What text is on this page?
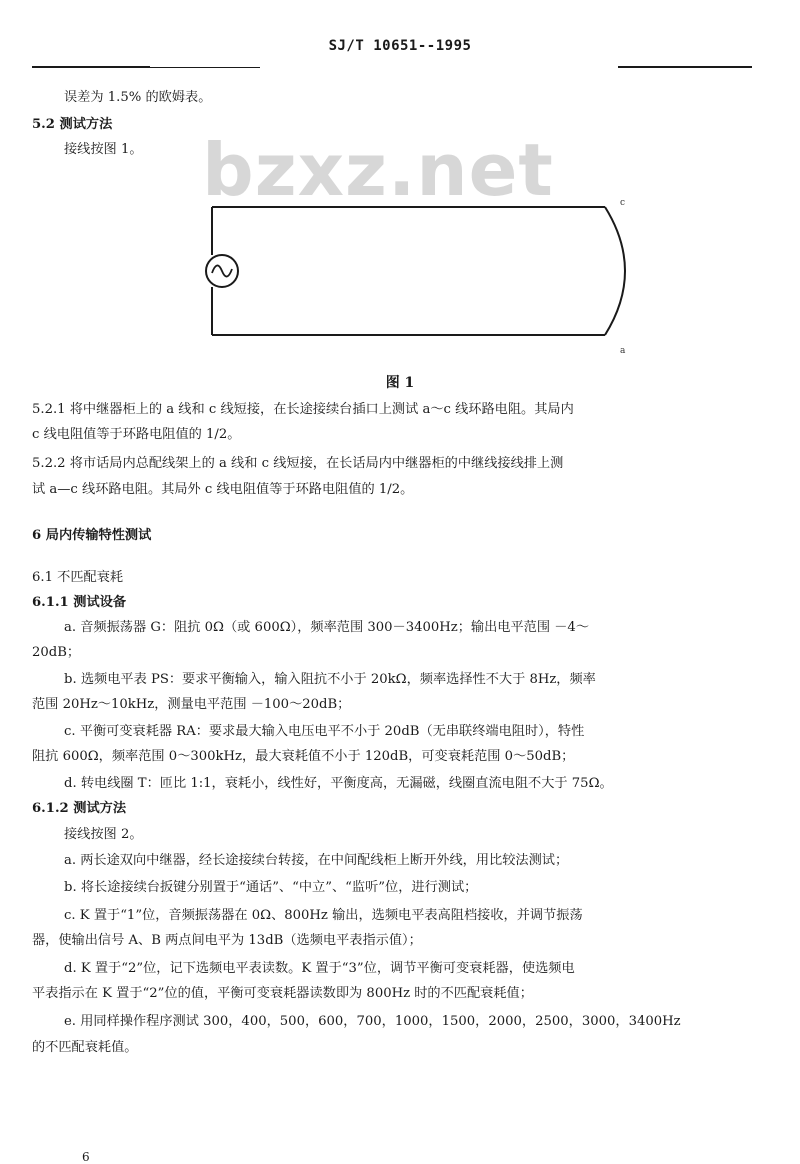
SJ/T 10651--1995
误差为 1.5% 的欧姆表。
5.2 测试方法
接线按图 1。 bzxz.net	c
a
图 1
5.2.1 将中继器柜上的 a 线和 c 线短接，在长途接续台插口上测试 a～c 线环路电阻。其局内
c 线电阻值等于环路电阻值的 1/2。
5.2.2 将市话局内总配线架上的 a 线和 c 线短接，在长话局内中继器柜的中继线接线排上测
试 a—c 线环路电阻。其局外 c 线电阻值等于环路电阻值的 1/2。
6 局内传输特性测试
6.1 不匹配衰耗
6.1.1 测试设备
a. 音频振荡器 G：阻抗 0Ω（或 600Ω），频率范围 300－3400Hz；输出电平范围 －4～
20dB；
b. 选频电平表 PS：要求平衡输入，输入阻抗不小于 20kΩ，频率选择性不大于 8Hz，频率
范围 20Hz～10kHz，测量电平范围 －100～20dB；
c. 平衡可变衰耗器 RA：要求最大输入电压电平不小于 20dB（无串联终端电阻时），特性
阻抗 600Ω，频率范围 0～300kHz，最大衰耗值不小于 120dB，可变衰耗范围 0～50dB；
d. 转电线圈 T：匝比 1:1，衰耗小，线性好，平衡度高，无漏磁，线圈直流电阻不大于 75Ω。
6.1.2 测试方法
接线按图 2。
a. 两长途双向中继器，经长途接续台转接，在中间配线柜上断开外线，用比较法测试；
b. 将长途接续台扳键分别置于“通话”、“中立”、“监听”位，进行测试；
c. K 置于“1”位，音频振荡器在 0Ω、800Hz 输出，选频电平表高阻档接收，并调节振荡
器，使输出信号 A、B 两点间电平为 13dB（选频电平表指示值）；
d. K 置于“2”位，记下选频电平表读数。K 置于“3”位，调节平衡可变衰耗器，使选频电
平表指示在 K 置于“2”位的值，平衡可变衰耗器读数即为 800Hz 时的不匹配衰耗值；
e. 用同样操作程序测试 300，400，500，600，700，1000，1500，2000，2500，3000，3400Hz
的不匹配衰耗值。
6
